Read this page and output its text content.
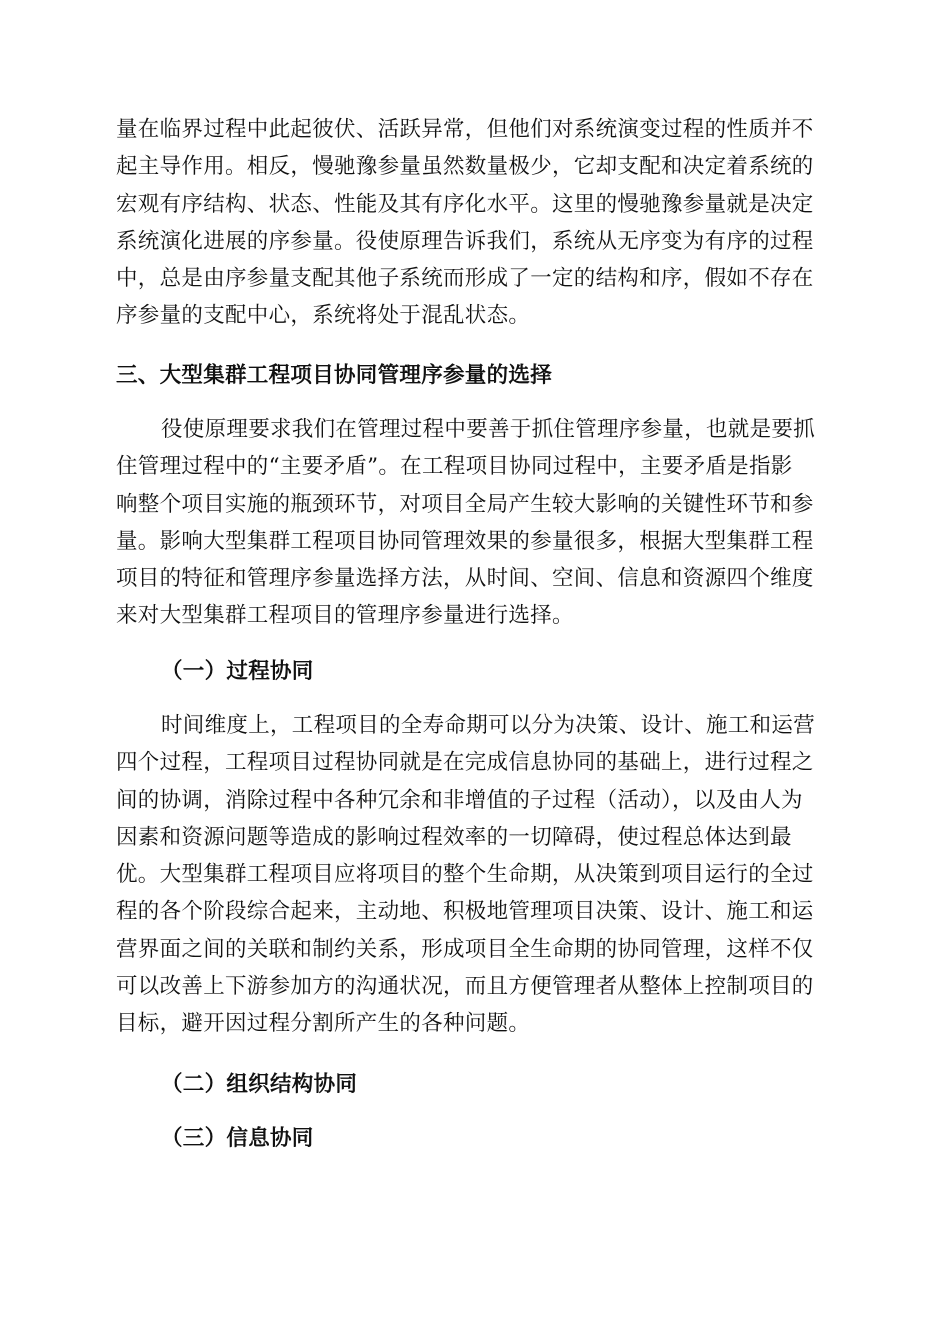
量在临界过程中此起彼伏、活跃异常，但他们对系统演变过程的性质并不
起主导作用。相反，慢驰豫参量虽然数量极少，它却支配和决定着系统的
宏观有序结构、状态、性能及其有序化水平。这里的慢驰豫参量就是决定
系统演化进展的序参量。役使原理告诉我们，系统从无序变为有序的过程
中，总是由序参量支配其他子系统而形成了一定的结构和序，假如不存在
序参量的支配中心，系统将处于混乱状态。
三、大型集群工程项目协同管理序参量的选择
役使原理要求我们在管理过程中要善于抓住管理序参量，也就是要抓
住管理过程中的“主要矛盾”。在工程项目协同过程中，主要矛盾是指影
响整个项目实施的瓶颈环节，对项目全局产生较大影响的关键性环节和参
量。影响大型集群工程项目协同管理效果的参量很多，根据大型集群工程
项目的特征和管理序参量选择方法，从时间、空间、信息和资源四个维度
来对大型集群工程项目的管理序参量进行选择。
（一）过程协同
时间维度上，工程项目的全寿命期可以分为决策、设计、施工和运营
四个过程，工程项目过程协同就是在完成信息协同的基础上，进行过程之
间的协调，消除过程中各种冗余和非增值的子过程（活动），以及由人为
因素和资源问题等造成的影响过程效率的一切障碍，使过程总体达到最
优。大型集群工程项目应将项目的整个生命期，从决策到项目运行的全过
程的各个阶段综合起来，主动地、积极地管理项目决策、设计、施工和运
营界面之间的关联和制约关系，形成项目全生命期的协同管理，这样不仅
可以改善上下游参加方的沟通状况，而且方便管理者从整体上控制项目的
目标，避开因过程分割所产生的各种问题。
（二）组织结构协同
（三）信息协同
